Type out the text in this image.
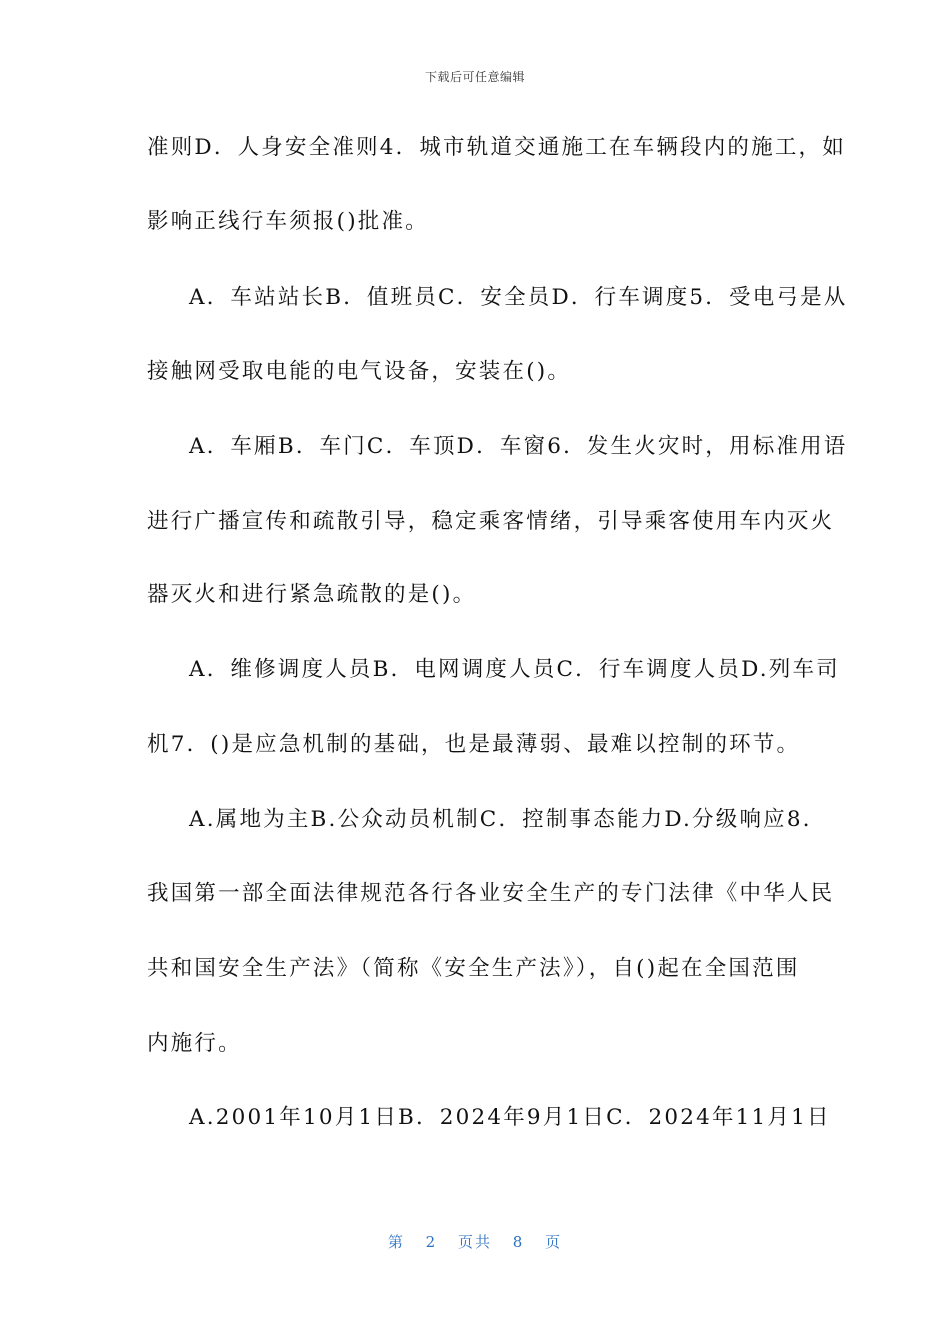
下载后可任意编辑
准则D．人身安全准则4．城市轨道交通施工在车辆段内的施工，如
影响正线行车须报()批准。
A．车站站长B．值班员C．安全员D．行车调度5．受电弓是从
接触网受取电能的电气设备，安装在()。
A．车厢B．车门C．车顶D．车窗6．发生火灾时，用标准用语
进行广播宣传和疏散引导，稳定乘客情绪，引导乘客使用车内灭火
器灭火和进行紧急疏散的是()。
A．维修调度人员B．电网调度人员C．行车调度人员D.列车司
机7．()是应急机制的基础，也是最薄弱、最难以控制的环节。
A.属地为主B.公众动员机制C．控制事态能力D.分级响应8．
我国第一部全面法律规范各行各业安全生产的专门法律《中华人民
共和国安全生产法》（简称《安全生产法》），自()起在全国范围
内施行。
A.2001年10月1日B．2024年9月1日C．2024年11月1日
第 2 页共 8 页
